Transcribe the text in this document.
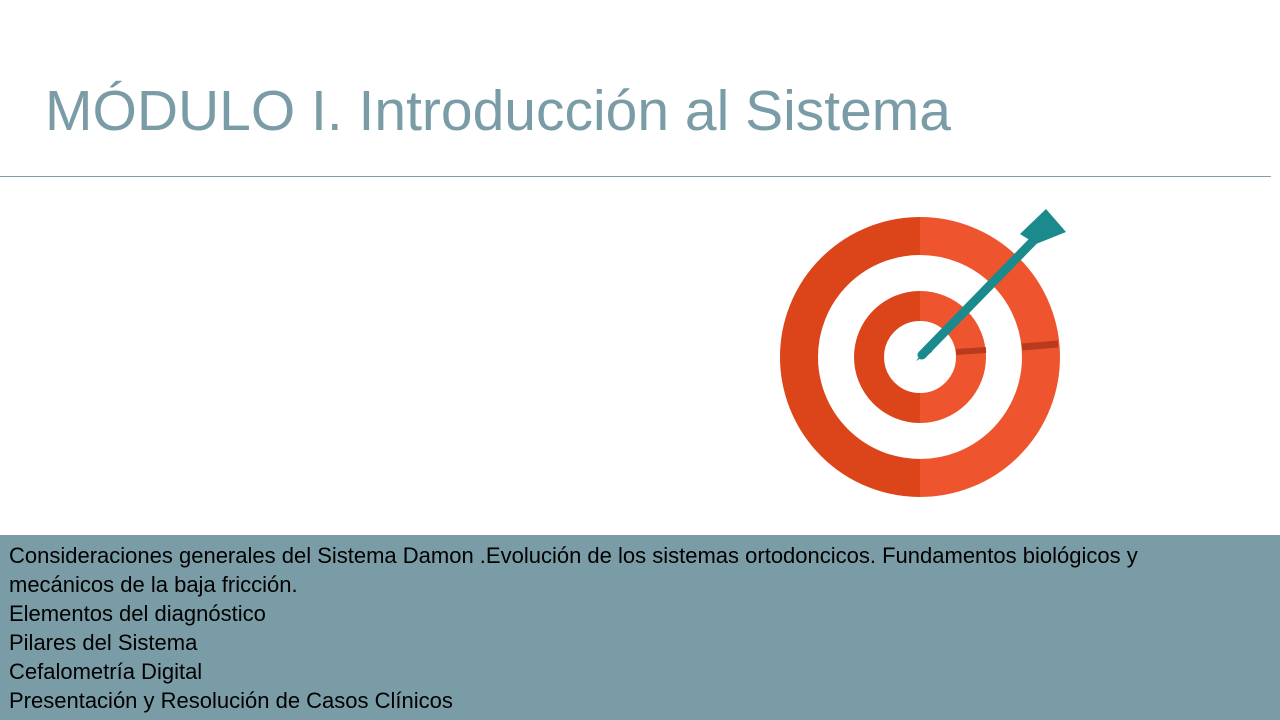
MÓDULO I. Introducción al Sistema
Consideraciones generales del Sistema Damon .Evolución de los sistemas ortodoncicos. Fundamentos biológicos y
mecánicos de la baja fricción.
Elementos del diagnóstico
Pilares del Sistema
Cefalometría Digital
Presentación y Resolución de Casos Clínicos
